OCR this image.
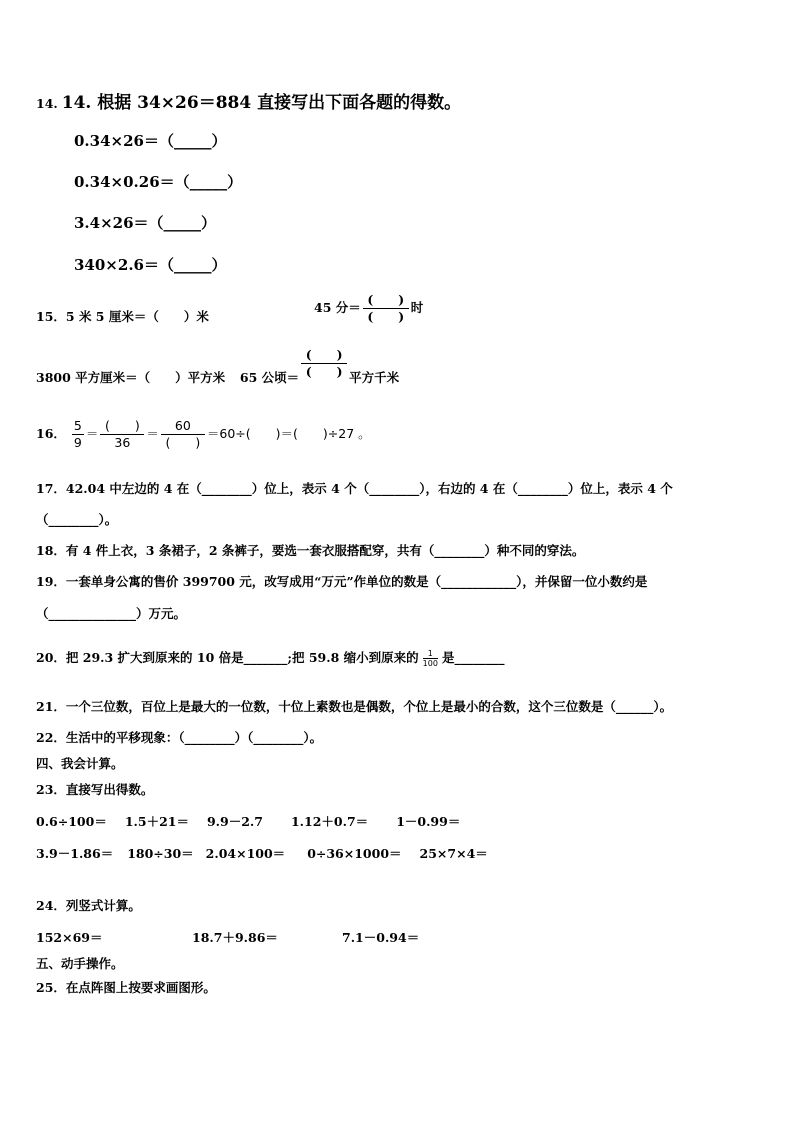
14. 14. 根据 34×26＝884 直接写出下面各题的得数。
0.34×26＝（_____）
0.34×0.26＝（_____）
3.4×26＝（_____）
340×2.6＝（_____）
15．5 米 5 厘米＝（　　）米
45 分＝ $\frac{( )}{( )}$ 时
3800 平方厘米＝（　　）平方米 65 公顷＝ $\frac{( )}{( )}$ 平方千米
16． $\frac{5}{9} = \frac{( )}{36} = \frac{60}{( )} =60\div$(　　)＝(　　)÷27 。
17．42.04 中左边的 4 在（________）位上，表示 4 个（________），右边的 4 在（________）位上，表示 4 个
（________）。
18．有 4 件上衣，3 条裙子，2 条裤子，要选一套衣服搭配穿，共有（________）种不同的穿法。
19．一套单身公寓的售价 399700 元，改写成用“万元”作单位的数是（____________），并保留一位小数约是
（______________）万元。
20．把 29.3 扩大到原来的 10 倍是_______;把 59.8 缩小到原来的 $\frac{1}{100}$ 是________
21．一个三位数，百位上是最大的一位数，十位上素数也是偶数，个位上是最小的合数，这个三位数是（______）。
22．生活中的平移现象：（________）（________）。
四、我会计算。
23．直接写出得数。
0.6÷100＝ 1.5＋21＝ 9.9－2.7 1.12＋0.7＝ 1－0.99＝
3.9－1.86＝ 180÷30＝ 2.04×100＝ 0÷36×1000＝ 25×7×4＝
24．列竖式计算。
152×69＝	18.7＋9.86＝	7.1－0.94＝
五、动手操作。
25．在点阵图上按要求画图形。
